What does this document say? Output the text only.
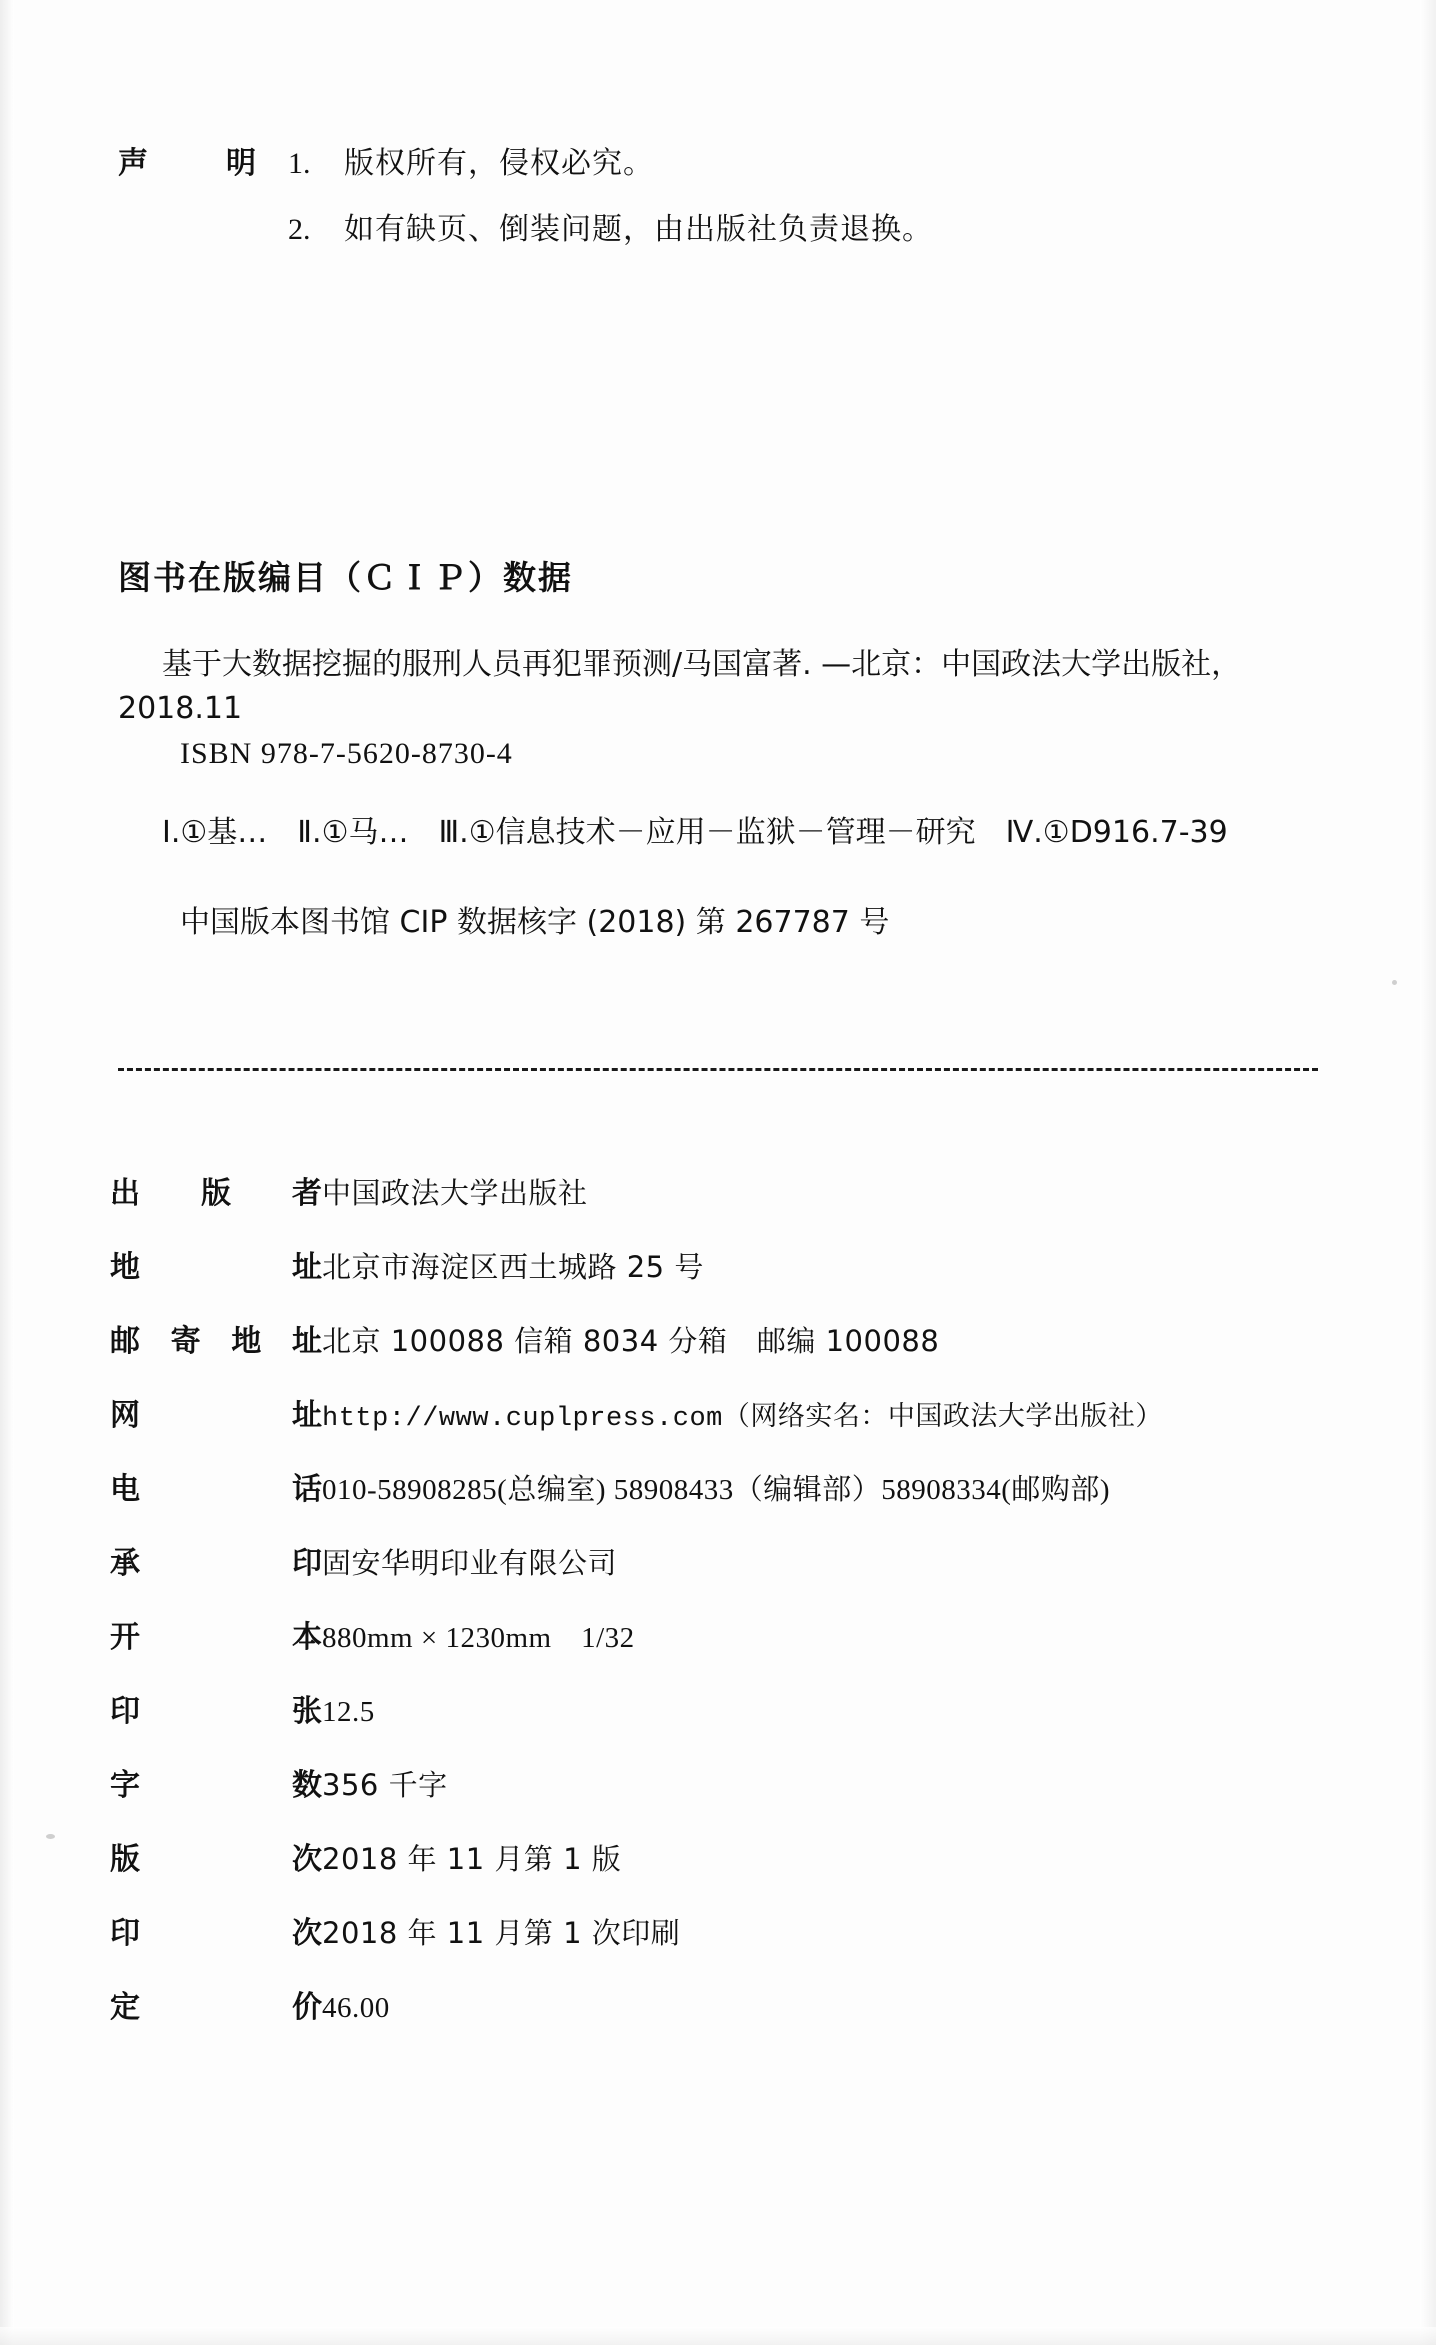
声　明 1.	版权所有，侵权必究。
2.	如有缺页、倒装问题，由出版社负责退换。
图书在版编目（ＣＩＰ）数据
基于大数据挖掘的服刑人员再犯罪预测/马国富著. —北京：中国政法大学出版社，2018.11
ISBN 978-7-5620-8730-4
Ⅰ.①基…　Ⅱ.①马…　Ⅲ.①信息技术－应用－监狱－管理－研究　Ⅳ.①D916.7-39
中国版本图书馆 CIP 数据核字 (2018) 第 267787 号
出 版 者 中国政法大学出版社
地	址 北京市海淀区西土城路 25 号
邮 寄 地 址 北京 100088 信箱 8034 分箱　邮编 100088
网	址 http://www.cuplpress.com（网络实名：中国政法大学出版社）
电	话 010-58908285(总编室) 58908433（编辑部）58908334(邮购部)
承	印 固安华明印业有限公司
开	本 880mm × 1230mm　1/32
印	张 12.5
字	数 356 千字
版	次 2018 年 11 月第 1 版
印	次 2018 年 11 月第 1 次印刷
定	价 46.00
